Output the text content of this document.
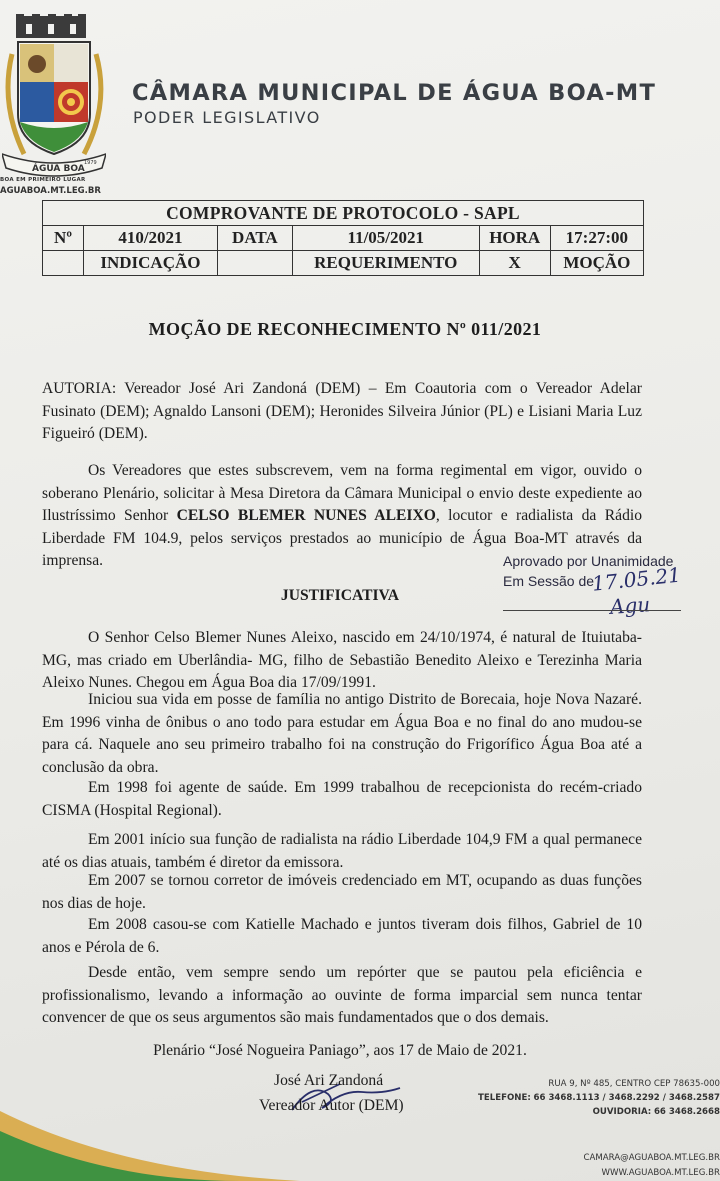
ÁGUA BOA
1979
BOA EM PRIMEIRO LUGAR
AGUABOA.MT.LEG.BR
CÂMARA MUNICIPAL DE ÁGUA BOA-MT
PODER LEGISLATIVO
COMPROVANTE DE PROTOCOLO - SAPL					
Nº	410/2021	DATA	11/05/2021	HORA	17:27:00
	INDICAÇÃO		REQUERIMENTO	X	MOÇÃO
MOÇÃO DE RECONHECIMENTO Nº 011/2021

AUTORIA: Vereador José Ari Zandoná (DEM) – Em Coautoria com o Vereador Adelar Fusinato (DEM); Agnaldo Lansoni (DEM); Heronides Silveira Júnior (PL) e Lisiani Maria Luz Figueiró (DEM).

Os Vereadores que estes subscrevem, vem na forma regimental em vigor, ouvido o soberano Plenário, solicitar à Mesa Diretora da Câmara Municipal o envio deste expediente ao Ilustríssimo Senhor CELSO BLEMER NUNES ALEIXO, locutor e radialista da Rádio Liberdade FM 104.9, pelos serviços prestados ao município de Água Boa-MT através da imprensa.	Aprovado por Unanimidade
Em Sessão de
17.05.21
Agu
JUSTIFICATIVA

O Senhor Celso Blemer Nunes Aleixo, nascido em 24/10/1974, é natural de Ituiutaba-MG, mas criado em Uberlândia- MG, filho de Sebastião Benedito Aleixo e Terezinha Maria Aleixo Nunes. Chegou em Água Boa dia 17/09/1991.

Iniciou sua vida em posse de família no antigo Distrito de Borecaia, hoje Nova Nazaré. Em 1996 vinha de ônibus o ano todo para estudar em Água Boa e no final do ano mudou-se para cá. Naquele ano seu primeiro trabalho foi na construção do Frigorífico Água Boa até a conclusão da obra.

Em 1998 foi agente de saúde. Em 1999 trabalhou de recepcionista do recém-criado CISMA (Hospital Regional).

Em 2001 início sua função de radialista na rádio Liberdade 104,9 FM a qual permanece até os dias atuais, também é diretor da emissora.

Em 2007 se tornou corretor de imóveis credenciado em MT, ocupando as duas funções nos dias de hoje.

Em 2008 casou-se com Katielle Machado e juntos tiveram dois filhos, Gabriel de 10 anos e Pérola de 6.

Desde então, vem sempre sendo um repórter que se pautou pela eficiência e profissionalismo, levando a informação ao ouvinte de forma imparcial sem nunca tentar convencer de que os seus argumentos são mais fundamentados que o dos demais.

Plenário “José Nogueira Paniago”, aos 17 de Maio de 2021.
José Ari Zandoná
Vereador Autor (DEM)
RUA 9, Nº 485, CENTRO CEP 78635-000
TELEFONE: 66 3468.1113 / 3468.2292 / 3468.2587
OUVIDORIA: 66 3468.2668
CAMARA@AGUABOA.MT.LEG.BR
WWW.AGUABOA.MT.LEG.BR
